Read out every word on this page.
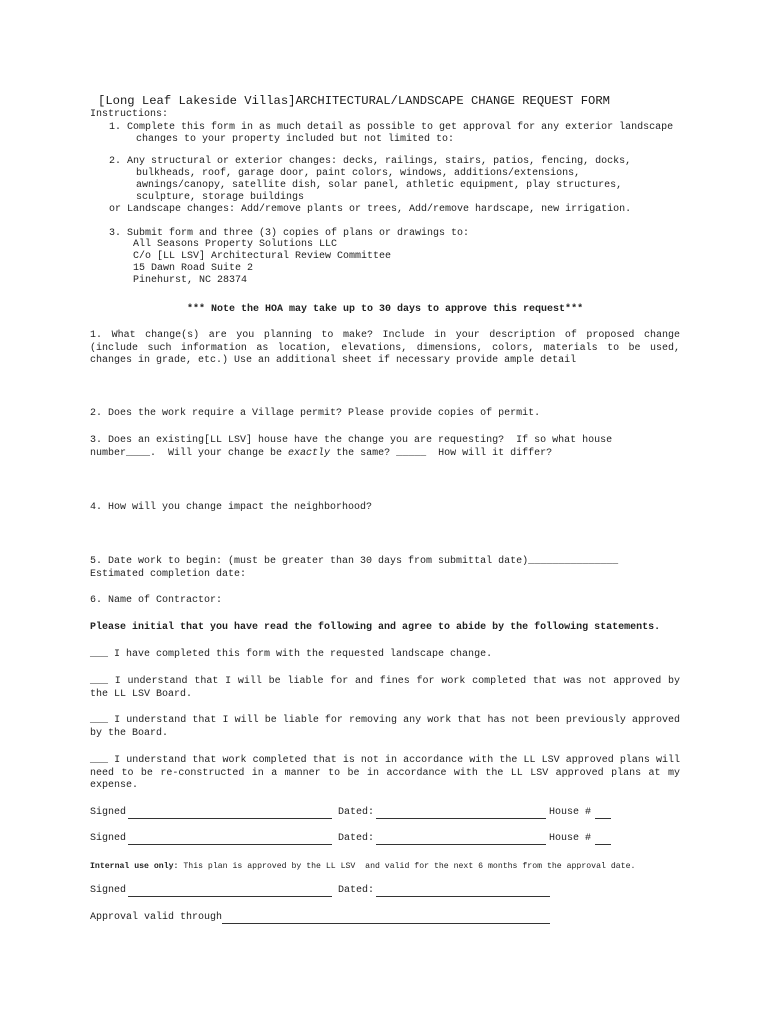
[Long Leaf Lakeside Villas]ARCHITECTURAL/LANDSCAPE CHANGE REQUEST FORM
Instructions:
1. Complete this form in as much detail as possible to get approval for any exterior landscape
changes to your property included but not limited to:
2. Any structural or exterior changes: decks, railings, stairs, patios, fencing, docks,
bulkheads, roof, garage door, paint colors, windows, additions/extensions,
awnings/canopy, satellite dish, solar panel, athletic equipment, play structures,
sculpture, storage buildings
or Landscape changes: Add/remove plants or trees, Add/remove hardscape, new irrigation.
3. Submit form and three (3) copies of plans or drawings to:
All Seasons Property Solutions LLC
C/o [LL LSV] Architectural Review Committee
15 Dawn Road Suite 2
Pinehurst, NC 28374
*** Note the HOA may take up to 30 days to approve this request***
1. What change(s) are you planning to make? Include in your description of proposed change (include such information as location, elevations, dimensions, colors, materials to be used, changes in grade, etc.) Use an additional sheet if necessary provide ample detail
2. Does the work require a Village permit? Please provide copies of permit.
3. Does an existing[LL LSV] house have the change you are requesting?  If so what house
number____.  Will your change be exactly the same? _____  How will it differ?
4. How will you change impact the neighborhood?
5. Date work to begin: (must be greater than 30 days from submittal date)_______________
Estimated completion date:
6. Name of Contractor:
Please initial that you have read the following and agree to abide by the following statements.
___ I have completed this form with the requested landscape change.
___ I understand that I will be liable for and fines for work completed that was not approved by the LL LSV Board.
___ I understand that I will be liable for removing any work that has not been previously approved by the Board.
___ I understand that work completed that is not in accordance with the LL LSV approved plans will need to be re-constructed in a manner to be in accordance with the LL LSV approved plans at my expense.
Signed	Dated:	House #
Signed	Dated:	House #
Internal use only: This plan is approved by the LL LSV  and valid for the next 6 months from the approval date.
Signed	Dated:
Approval valid through
